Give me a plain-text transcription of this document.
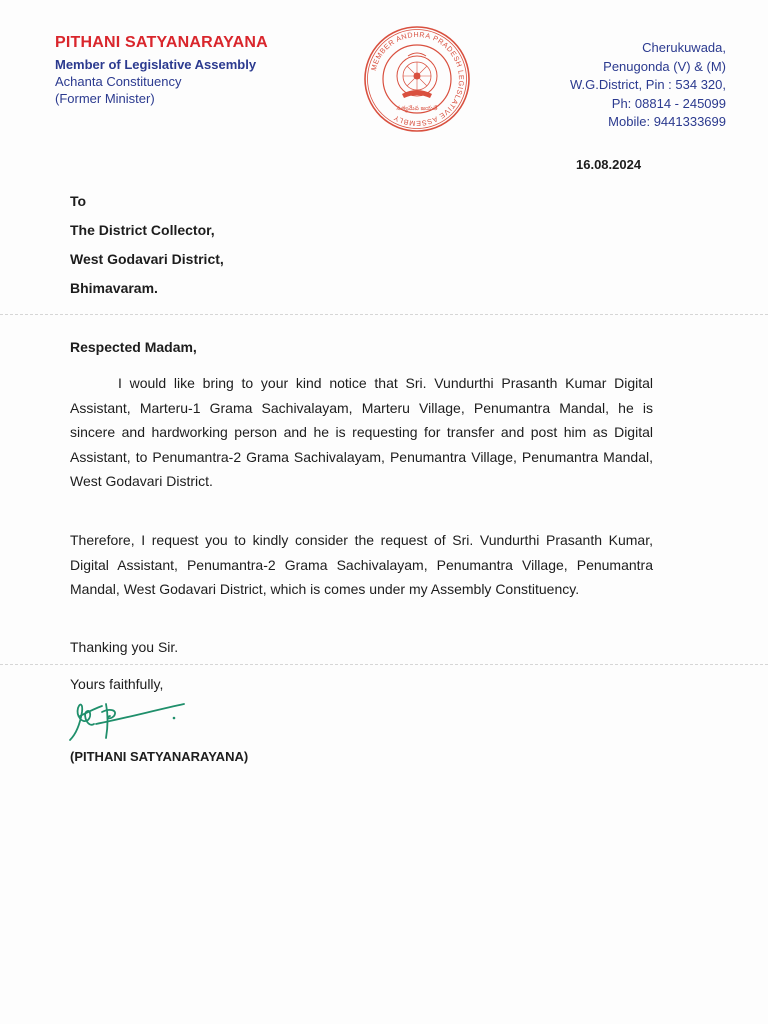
PITHANI SATYANARAYANA
Member of Legislative Assembly
Achanta Constituency
(Former Minister)
MEMBER ANDHRA PRADESH LEGISLATIVE ASSEMBLY
సత్యమేవ జయతే
Cherukuwada,
Penugonda (V) & (M)
W.G.District, Pin : 534 320,
Ph: 08814 - 245099
Mobile: 9441333699
16.08.2024
To
The District Collector,
West Godavari District,
Bhimavaram.
Respected Madam,
I would like bring to your kind notice that Sri. Vundurthi Prasanth Kumar Digital Assistant, Marteru-1 Grama Sachivalayam, Marteru Village, Penumantra Mandal, he is sincere and hardworking person and he is requesting for transfer and post him as Digital Assistant, to Penumantra-2 Grama Sachivalayam, Penumantra Village, Penumantra Mandal, West Godavari District.
Therefore, I request you to kindly consider the request of Sri. Vundurthi Prasanth Kumar, Digital Assistant, Penumantra-2 Grama Sachivalayam, Penumantra Village, Penumantra Mandal, West Godavari District, which is comes under my Assembly Constituency.
Thanking you Sir.
Yours faithfully,
(PITHANI SATYANARAYANA)
